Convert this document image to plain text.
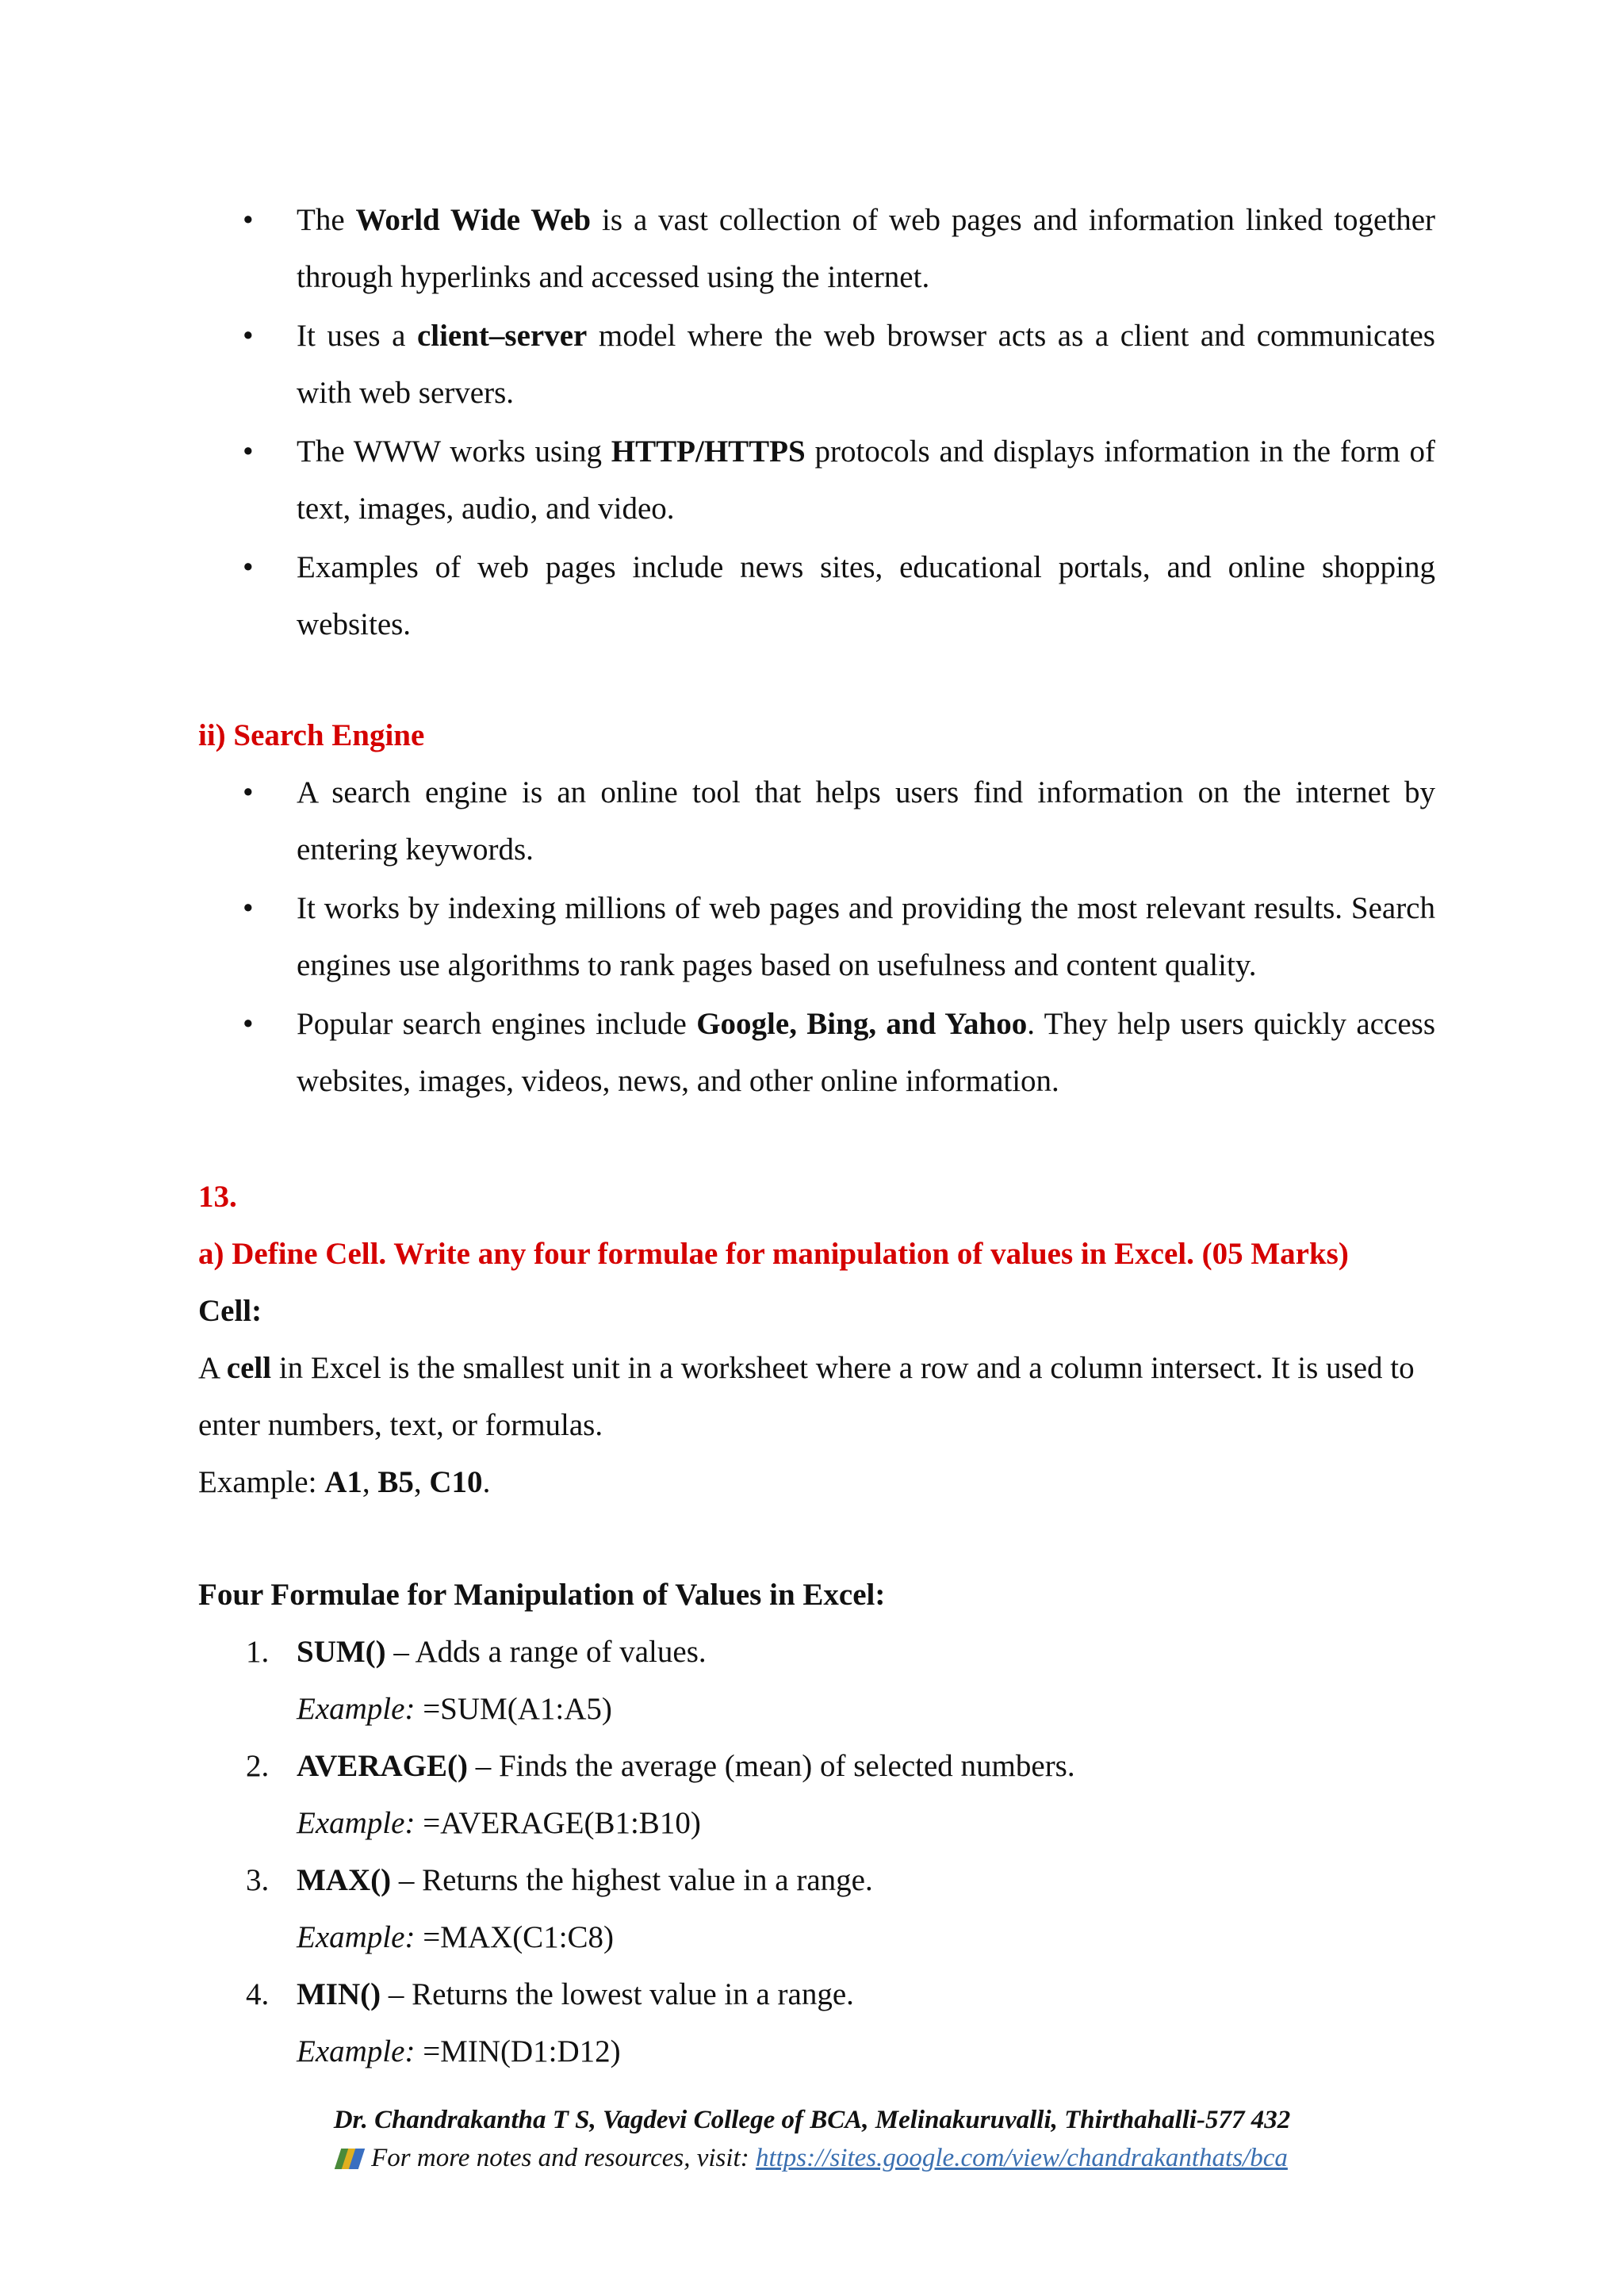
• The World Wide Web is a vast collection of web pages and information linked together through hyperlinks and accessed using the internet.
• It uses a client–server model where the web browser acts as a client and communicates with web servers.
• The WWW works using HTTP/HTTPS protocols and displays information in the form of text, images, audio, and video.
• Examples of web pages include news sites, educational portals, and online shopping websites.
ii) Search Engine
• A search engine is an online tool that helps users find information on the internet by entering keywords.
• It works by indexing millions of web pages and providing the most relevant results. Search engines use algorithms to rank pages based on usefulness and content quality.
• Popular search engines include Google, Bing, and Yahoo. They help users quickly access websites, images, videos, news, and other online information.
13.
a) Define Cell. Write any four formulae for manipulation of values in Excel. (05 Marks)

Cell:

A cell in Excel is the smallest unit in a worksheet where a row and a column intersect. It is used to enter numbers, text, or formulas.

Example: A1, B5, C10.

Four Formulae for Manipulation of Values in Excel:

1. SUM() – Adds a range of values.
Example: =SUM(A1:A5)
2. AVERAGE() – Finds the average (mean) of selected numbers.
Example: =AVERAGE(B1:B10)
3. MAX() – Returns the highest value in a range.
Example: =MAX(C1:C8)
4. MIN() – Returns the lowest value in a range.
Example: =MIN(D1:D12)
Dr. Chandrakantha T S, Vagdevi College of BCA, Melinakuruvalli, Thirthahalli-577 432
For more notes and resources, visit: https://sites.google.com/view/chandrakanthats/bca
